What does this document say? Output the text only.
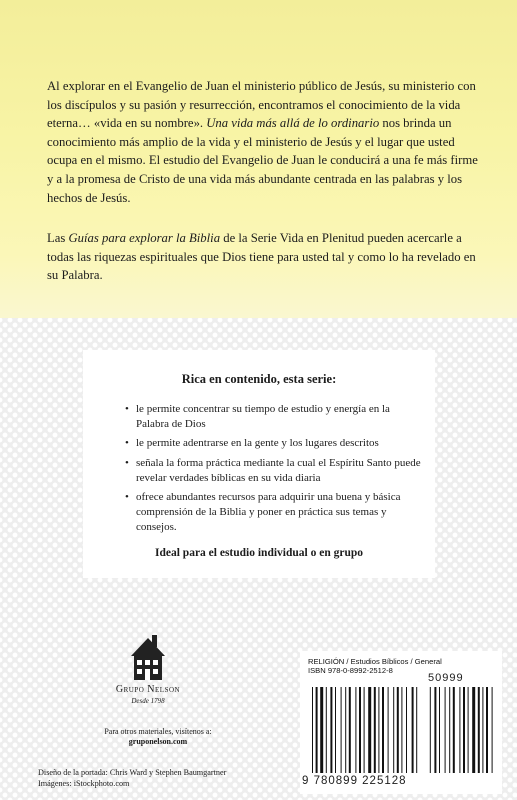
Al explorar en el Evangelio de Juan el ministerio público de Jesús, su ministerio con los discípulos y su pasión y resurrección, encontramos el conocimiento de la vida eterna… «vida en su nombre». Una vida más allá de lo ordinario nos brinda un conocimiento más amplio de la vida y el ministerio de Jesús y el lugar que usted ocupa en el mismo. El estudio del Evangelio de Juan le conducirá a una fe más firme y a la promesa de Cristo de una vida más abundante centrada en las palabras y los hechos de Jesús.

Las Guías para explorar la Biblia de la Serie Vida en Plenitud pueden acercarle a todas las riquezas espirituales que Dios tiene para usted tal y como lo ha revelado en su Palabra.

Rica en contenido, esta serie:
• le permite concentrar su tiempo de estudio y energía en la Palabra de Dios
• le permite adentrarse en la gente y los lugares descritos
• señala la forma práctica mediante la cual el Espíritu Santo puede revelar verdades bíblicas en su vida diaria
• ofrece abundantes recursos para adquirir una buena y básica comprensión de la Biblia y poner en práctica sus temas y consejos.
Ideal para el estudio individual o en grupo
Grupo Nelson
Desde 1798
Para otros materiales, visítenos a:
gruponelson.com
Diseño de la portada: Chris Ward y Stephen Baumgartner
Imágenes: iStockphoto.com
RELIGIÓN / Estudios Bíblicos / General
ISBN 978-0-8992-2512-8
50999
9 780899 225128
